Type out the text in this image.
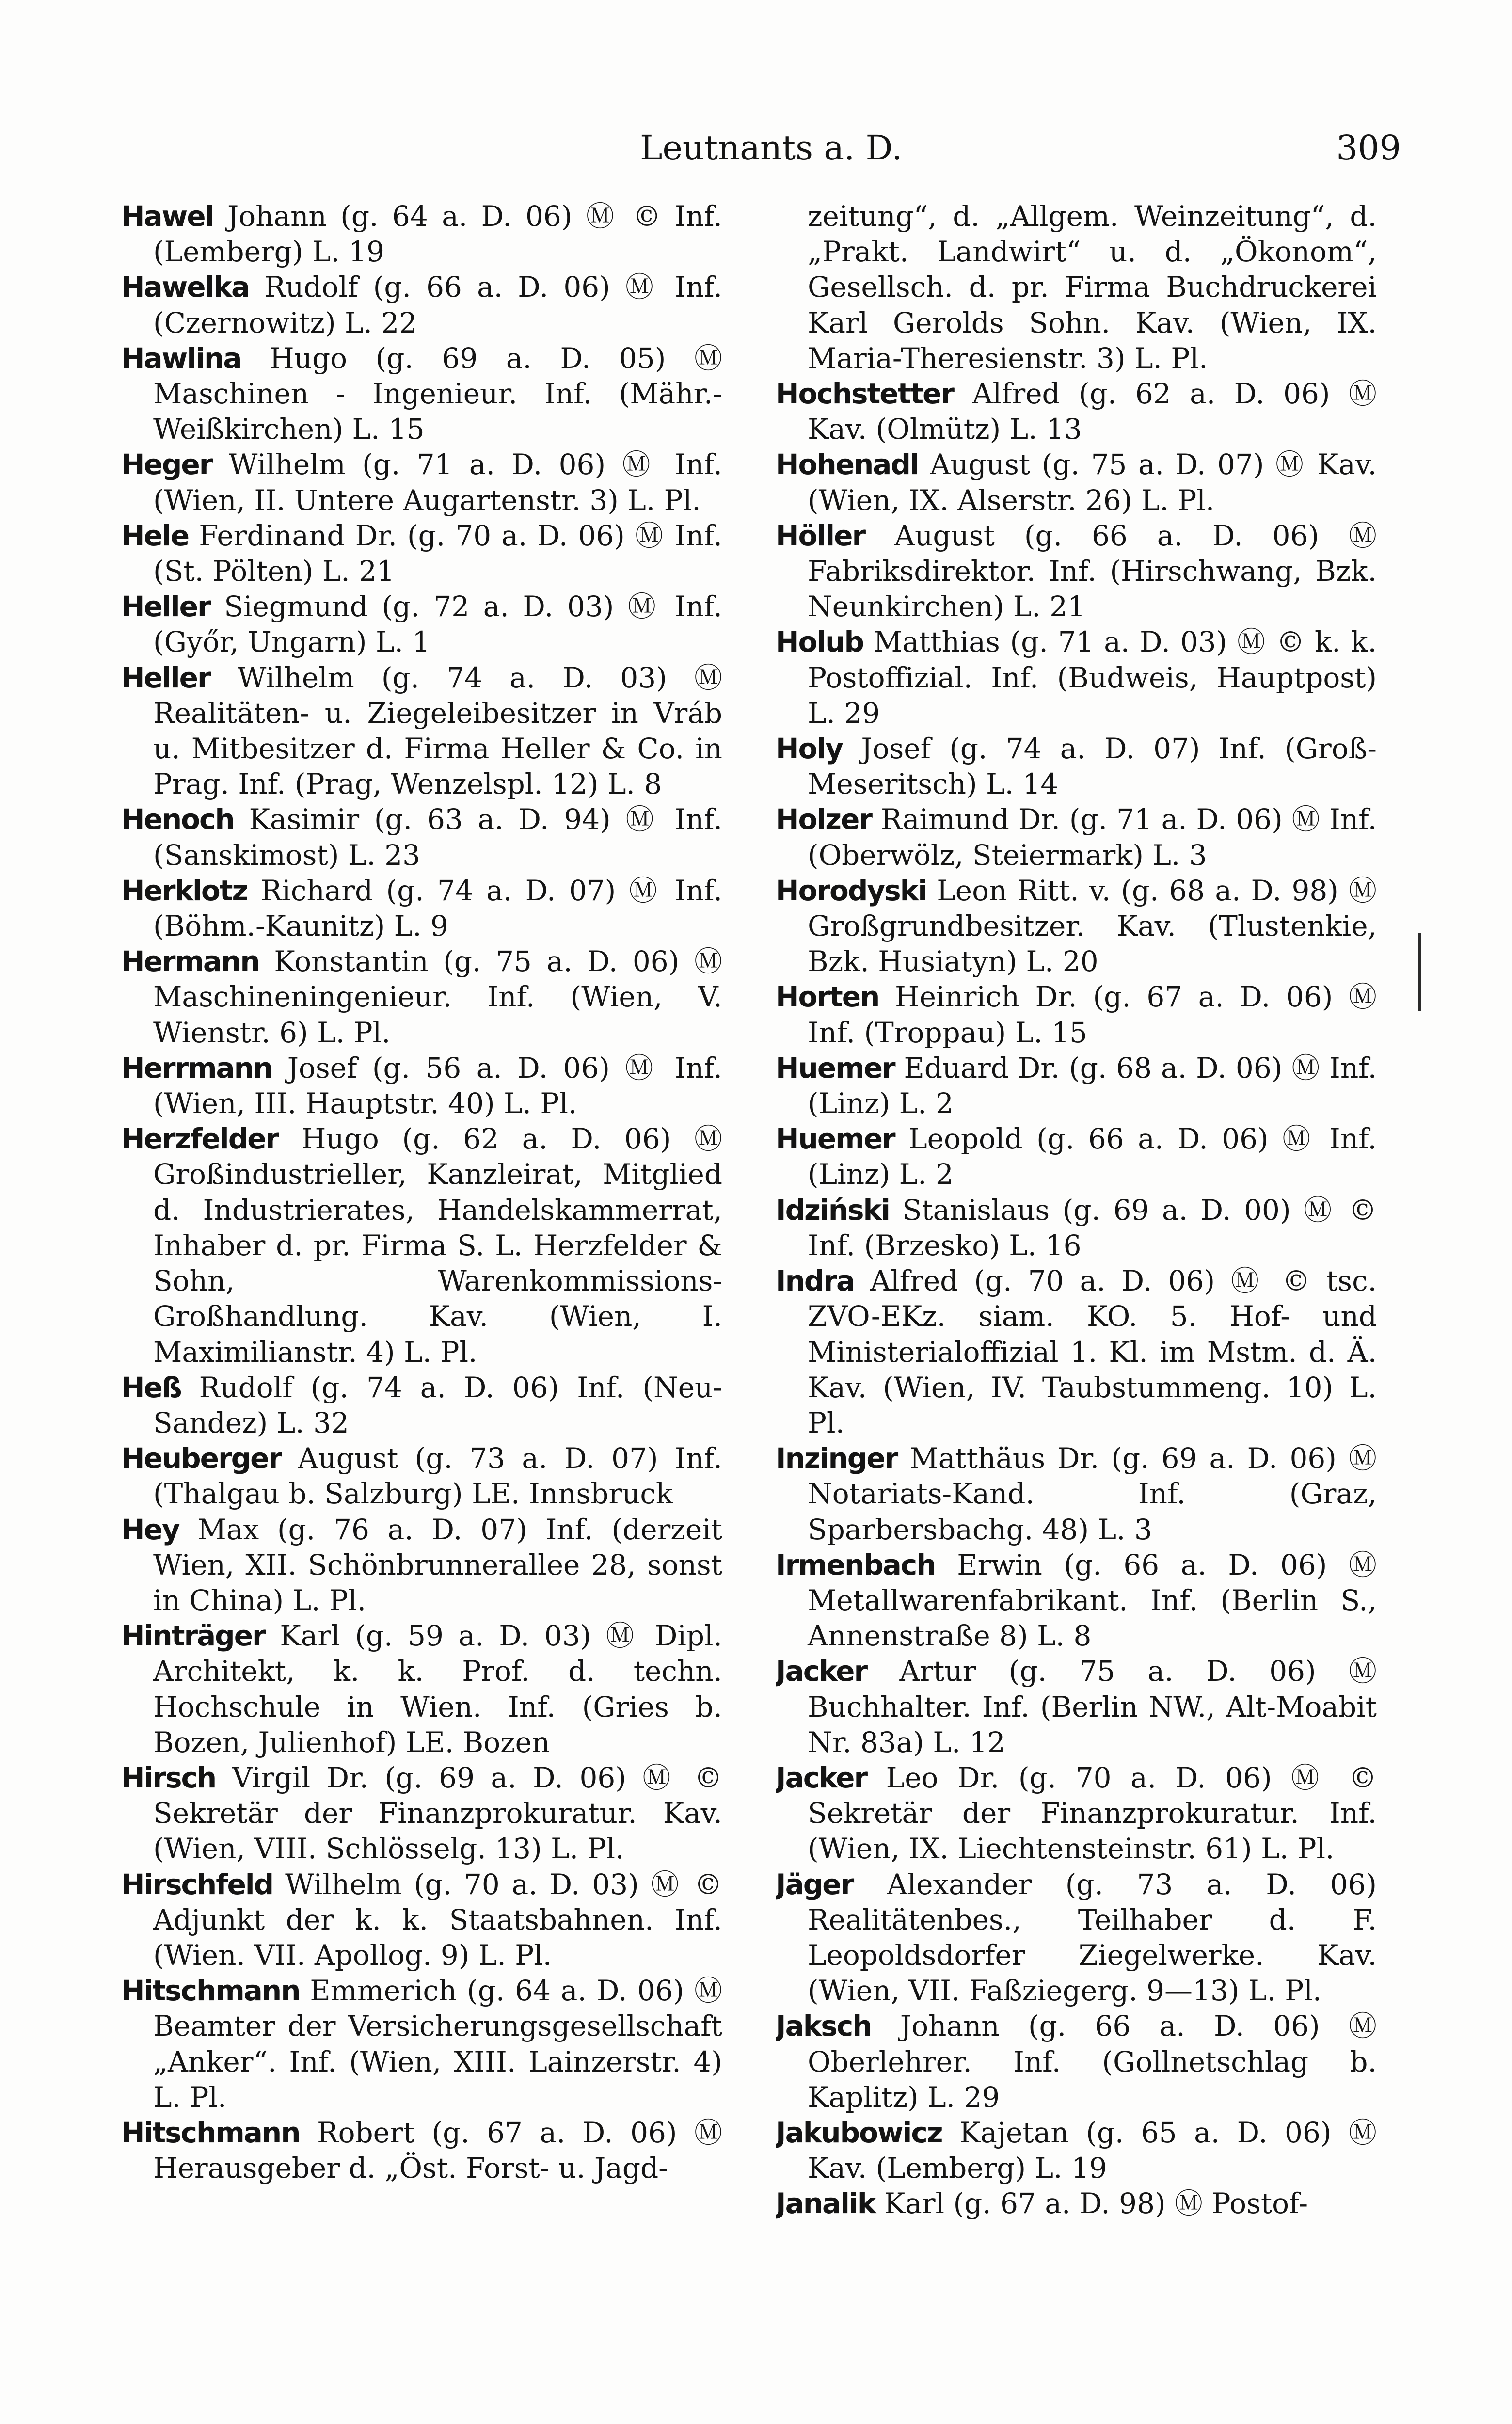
Leutnants a. D.	309

Hawel Johann (g. 64 a. D. 06) Ⓜ © Inf. (Lemberg) L. 19

Hawelka Rudolf (g. 66 a. D. 06) Ⓜ Inf. (Czernowitz) L. 22

Hawlina Hugo (g. 69 a. D. 05) Ⓜ Maschinen - Ingenieur. Inf. (Mähr.- Weißkirchen) L. 15

Heger Wilhelm (g. 71 a. D. 06) Ⓜ Inf. (Wien, II. Untere Augartenstr. 3) L. Pl.

Hele Ferdinand Dr. (g. 70 a. D. 06) Ⓜ Inf. (St. Pölten) L. 21

Heller Siegmund (g. 72 a. D. 03) Ⓜ Inf. (Győr, Ungarn) L. 1

Heller Wilhelm (g. 74 a. D. 03) Ⓜ Realitäten- u. Ziegeleibesitzer in Vráb u. Mitbesitzer d. Firma Heller & Co. in Prag. Inf. (Prag, Wenzelspl. 12) L. 8

Henoch Kasimir (g. 63 a. D. 94) Ⓜ Inf. (Sanskimost) L. 23

Herklotz Richard (g. 74 a. D. 07) Ⓜ Inf. (Böhm.-Kaunitz) L. 9

Hermann Konstantin (g. 75 a. D. 06) Ⓜ Maschineningenieur. Inf. (Wien, V. Wienstr. 6) L. Pl.

Herrmann Josef (g. 56 a. D. 06) Ⓜ Inf. (Wien, III. Hauptstr. 40) L. Pl.

Herzfelder Hugo (g. 62 a. D. 06) Ⓜ Großindustrieller, Kanzleirat, Mitglied d. Industrierates, Handelskammerrat, Inhaber d. pr. Firma S. L. Herzfelder & Sohn, Warenkommissions-Großhandlung. Kav. (Wien, I. Maximilianstr. 4) L. Pl.

Heß Rudolf (g. 74 a. D. 06) Inf. (Neu-Sandez) L. 32

Heuberger August (g. 73 a. D. 07) Inf. (Thalgau b. Salzburg) LE. Innsbruck

Hey Max (g. 76 a. D. 07) Inf. (derzeit Wien, XII. Schönbrunnerallee 28, sonst in China) L. Pl.

Hinträger Karl (g. 59 a. D. 03) Ⓜ Dipl. Architekt, k. k. Prof. d. techn. Hochschule in Wien. Inf. (Gries b. Bozen, Julienhof) LE. Bozen

Hirsch Virgil Dr. (g. 69 a. D. 06) Ⓜ © Sekretär der Finanzprokuratur. Kav. (Wien, VIII. Schlösselg. 13) L. Pl.

Hirschfeld Wilhelm (g. 70 a. D. 03) Ⓜ © Adjunkt der k. k. Staatsbahnen. Inf. (Wien. VII. Apollog. 9) L. Pl.

Hitschmann Emmerich (g. 64 a. D. 06) Ⓜ Beamter der Versicherungsgesellschaft „Anker“. Inf. (Wien, XIII. Lainzerstr. 4) L. Pl.

Hitschmann Robert (g. 67 a. D. 06) Ⓜ Herausgeber d. „Öst. Forst- u. Jagd-

zeitung“, d. „Allgem. Weinzeitung“, d. „Prakt. Landwirt“ u. d. „Ökonom“, Gesellsch. d. pr. Firma Buchdruckerei Karl Gerolds Sohn. Kav. (Wien, IX. Maria-Theresienstr. 3) L. Pl.

Hochstetter Alfred (g. 62 a. D. 06) Ⓜ Kav. (Olmütz) L. 13

Hohenadl August (g. 75 a. D. 07) Ⓜ Kav. (Wien, IX. Alserstr. 26) L. Pl.

Höller August (g. 66 a. D. 06) Ⓜ Fabriksdirektor. Inf. (Hirschwang, Bzk. Neunkirchen) L. 21

Holub Matthias (g. 71 a. D. 03) Ⓜ © k. k. Postoffizial. Inf. (Budweis, Hauptpost) L. 29

Holy Josef (g. 74 a. D. 07) Inf. (Groß-Meseritsch) L. 14

Holzer Raimund Dr. (g. 71 a. D. 06) Ⓜ Inf. (Oberwölz, Steiermark) L. 3

Horodyski Leon Ritt. v. (g. 68 a. D. 98) Ⓜ Großgrundbesitzer. Kav. (Tlustenkie, Bzk. Husiatyn) L. 20

Horten Heinrich Dr. (g. 67 a. D. 06) Ⓜ Inf. (Troppau) L. 15

Huemer Eduard Dr. (g. 68 a. D. 06) Ⓜ Inf. (Linz) L. 2

Huemer Leopold (g. 66 a. D. 06) Ⓜ Inf. (Linz) L. 2

Idziński Stanislaus (g. 69 a. D. 00) Ⓜ © Inf. (Brzesko) L. 16

Indra Alfred (g. 70 a. D. 06) Ⓜ © tsc. ZVO-EKz. siam. KO. 5. Hof- und Ministerialoffizial 1. Kl. im Mstm. d. Ä. Kav. (Wien, IV. Taubstummeng. 10) L. Pl.

Inzinger Matthäus Dr. (g. 69 a. D. 06) Ⓜ Notariats-Kand. Inf. (Graz, Sparbersbachg. 48) L. 3

Irmenbach Erwin (g. 66 a. D. 06) Ⓜ Metallwarenfabrikant. Inf. (Berlin S., Annenstraße 8) L. 8

Jacker Artur (g. 75 a. D. 06) Ⓜ Buchhalter. Inf. (Berlin NW., Alt-Moabit Nr. 83a) L. 12

Jacker Leo Dr. (g. 70 a. D. 06) Ⓜ © Sekretär der Finanzprokuratur. Inf. (Wien, IX. Liechtensteinstr. 61) L. Pl.

Jäger Alexander (g. 73 a. D. 06) Realitätenbes., Teilhaber d. F. Leopoldsdorfer Ziegelwerke. Kav. (Wien, VII. Faßziegerg. 9—13) L. Pl.

Jaksch Johann (g. 66 a. D. 06) Ⓜ Oberlehrer. Inf. (Gollnetschlag b. Kaplitz) L. 29

Jakubowicz Kajetan (g. 65 a. D. 06) Ⓜ Kav. (Lemberg) L. 19

Janalik Karl (g. 67 a. D. 98) Ⓜ Postof-
